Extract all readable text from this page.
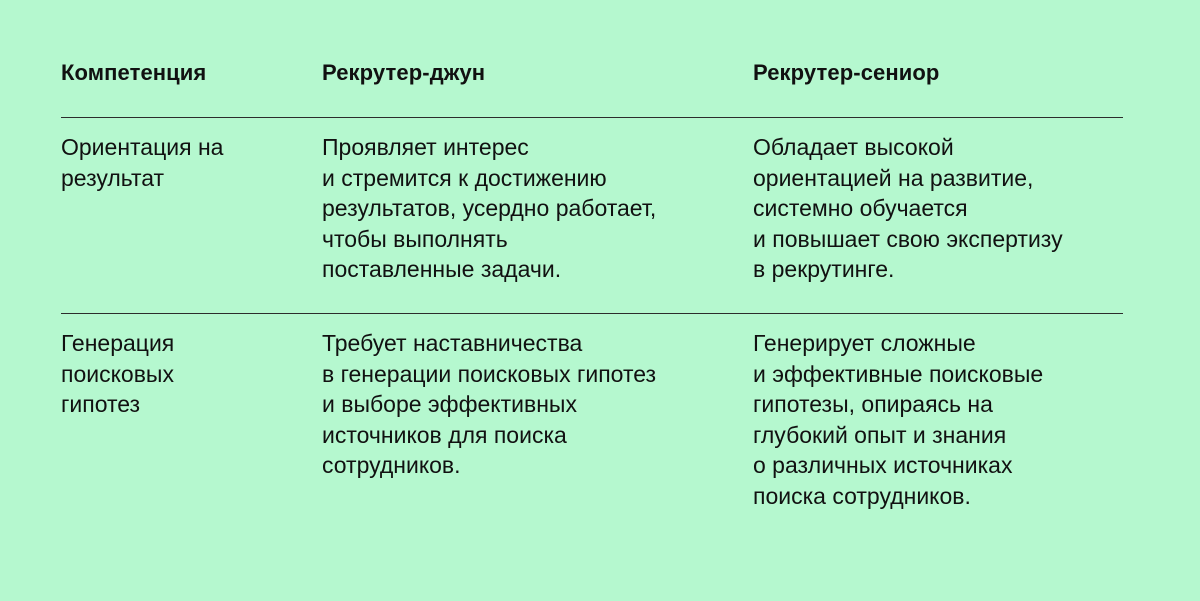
Компетенция	Рекрутер-джун	Рекрутер-сениор
Ориентация на
результат
Проявляет интерес
и стремится к достижению
результатов, усердно работает,
чтобы выполнять
поставленные задачи.
Обладает высокой
ориентацией на развитие,
системно обучается
и повышает свою экспертизу
в рекрутинге.
Генерация
поисковых
гипотез
Требует наставничества
в генерации поисковых гипотез
и выборе эффективных
источников для поиска
сотрудников.
Генерирует сложные
и эффективные поисковые
гипотезы, опираясь на
глубокий опыт и знания
о различных источниках
поиска сотрудников.
